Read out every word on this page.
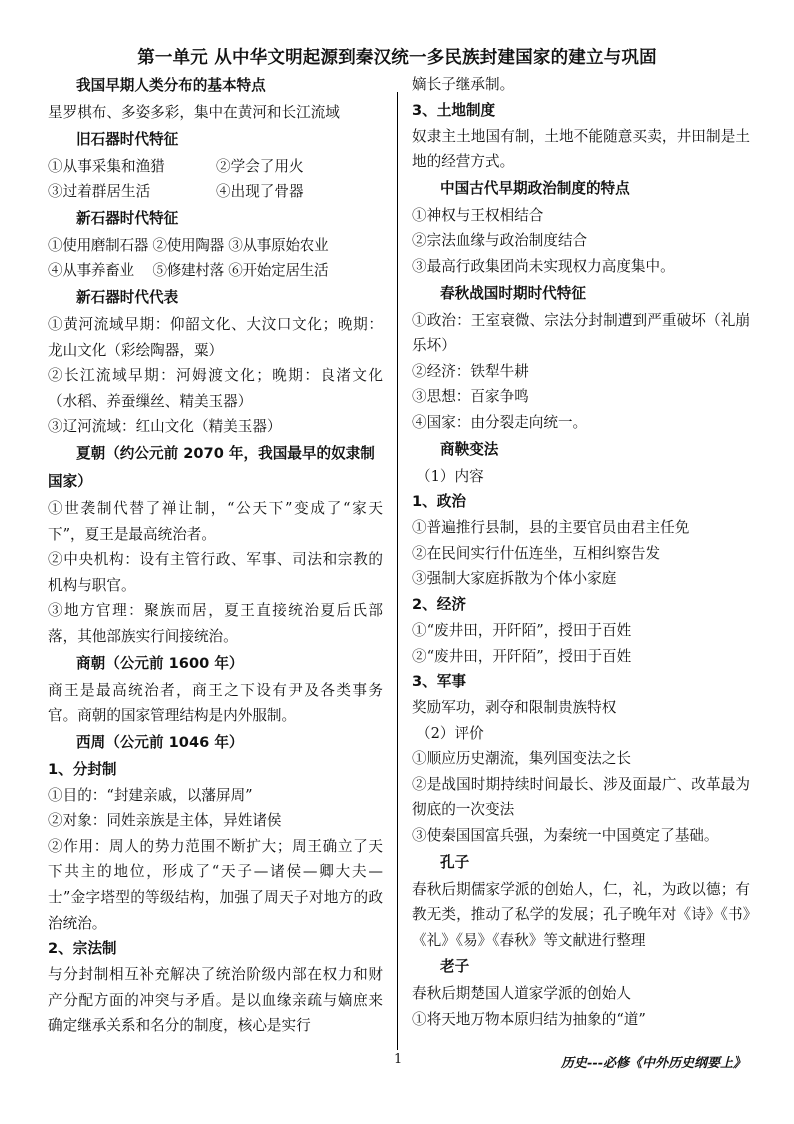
第一单元 从中华文明起源到秦汉统一多民族封建国家的建立与巩固
我国早期人类分布的基本特点
星罗棋布、多姿多彩，集中在黄河和长江流域
旧石器时代特征
①从事采集和渔猎	②学会了用火
③过着群居生活	④出现了骨器
新石器时代特征
①使用磨制石器 ②使用陶器 ③从事原始农业
④从事养畜业　 ⑤修建村落 ⑥开始定居生活
新石器时代代表
①黄河流域早期：仰韶文化、大汶口文化；晚期：龙山文化（彩绘陶器，粟）
②长江流域早期：河姆渡文化；晚期：良渚文化（水稻、养蚕缫丝、精美玉器）
③辽河流域：红山文化（精美玉器）
夏朝（约公元前 2070 年，我国最早的奴隶制国家）
①世袭制代替了禅让制，“公天下”变成了“家天下”，夏王是最高统治者。
②中央机构：设有主管行政、军事、司法和宗教的机构与职官。
③地方官理：聚族而居，夏王直接统治夏后氏部落，其他部族实行间接统治。
商朝（公元前 1600 年）
商王是最高统治者，商王之下设有尹及各类事务官。商朝的国家管理结构是内外服制。
西周（公元前 1046 年）
1、分封制
①目的：“封建亲戚，以藩屏周”
②对象：同姓亲族是主体，异姓诸侯
②作用：周人的势力范围不断扩大；周王确立了天下共主的地位，形成了“天子—诸侯—卿大夫—士”金字塔型的等级结构，加强了周天子对地方的政治统治。
2、宗法制
与分封制相互补充解决了统治阶级内部在权力和财产分配方面的冲突与矛盾。是以血缘亲疏与嫡庶来确定继承关系和名分的制度，核心是实行
嫡长子继承制。
3、土地制度
奴隶主土地国有制，土地不能随意买卖，井田制是土地的经营方式。
中国古代早期政治制度的特点
①神权与王权相结合
②宗法血缘与政治制度结合
③最高行政集团尚未实现权力高度集中。
春秋战国时期时代特征
①政治：王室衰微、宗法分封制遭到严重破坏（礼崩乐坏）
②经济：铁犁牛耕
③思想：百家争鸣
④国家：由分裂走向统一。
商鞅变法
（1）内容
1、政治
①普遍推行县制，县的主要官员由君主任免
②在民间实行什伍连坐，互相纠察告发
③强制大家庭拆散为个体小家庭
2、经济
①“废井田，开阡陌”，授田于百姓
②“废井田，开阡陌”，授田于百姓
3、军事
奖励军功，剥夺和限制贵族特权
（2）评价
①顺应历史潮流，集列国变法之长
②是战国时期持续时间最长、涉及面最广、改革最为彻底的一次变法
③使秦国国富兵强，为秦统一中国奠定了基础。
孔子
春秋后期儒家学派的创始人，仁，礼，为政以德；有教无类，推动了私学的发展；孔子晚年对《诗》《书》《礼》《易》《春秋》等文献进行整理
老子
春秋后期楚国人道家学派的创始人
①将天地万物本原归结为抽象的“道”
1	历史---必修《中外历史纲要上》
